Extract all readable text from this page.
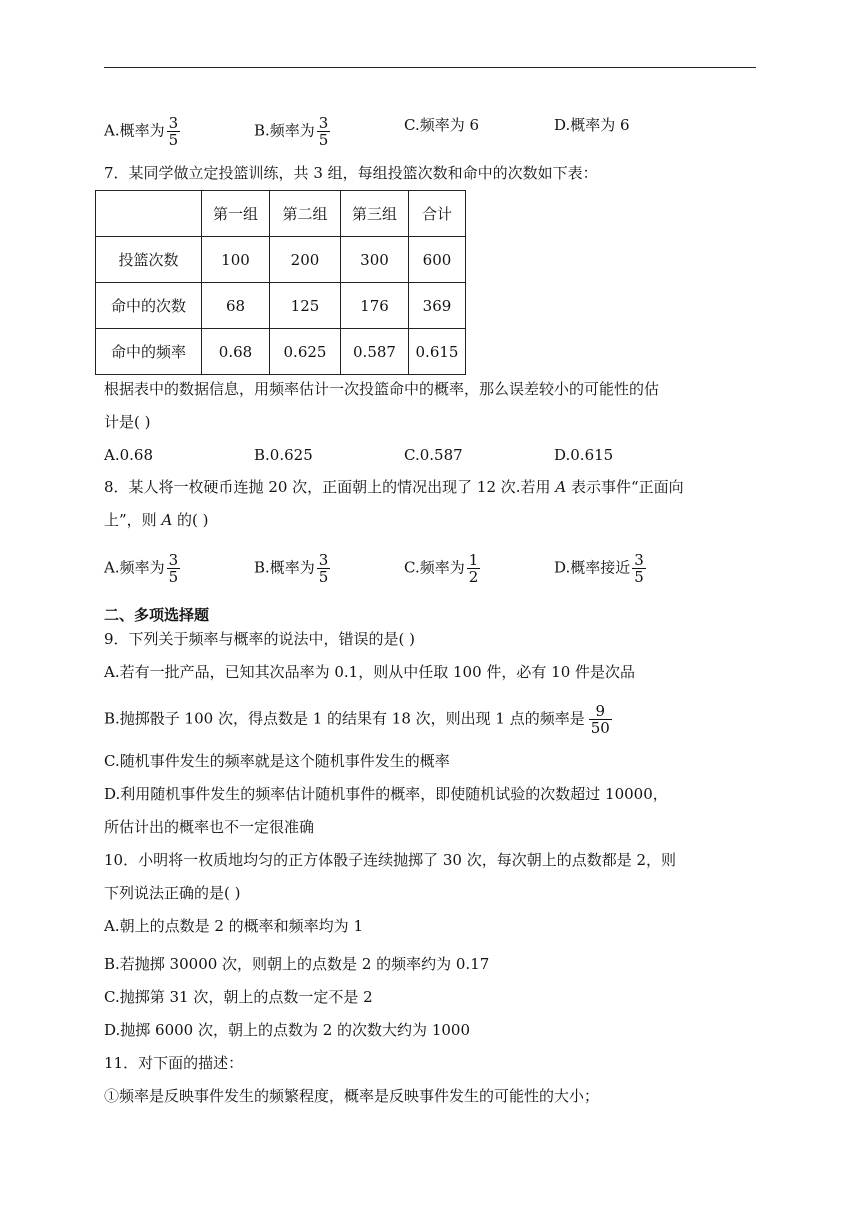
A.概率为 $\frac{3}{5}$	B.频率为 $\frac{3}{5}$	C.频率为 6	D.概率为 6
7．某同学做立定投篮训练，共 3 组，每组投篮次数和命中的次数如下表：
	第一组	第二组	第三组	合计
投篮次数	100	200	300	600
命中的次数	68	125	176	369
命中的频率	0.68	0.625	0.587	0.615
根据表中的数据信息，用频率估计一次投篮命中的概率，那么误差较小的可能性的估
计是( )
A.0.68	B.0.625	C.0.587	D.0.615
8．某人将一枚硬币连抛 20 次，正面朝上的情况出现了 12 次.若用 A 表示事件“正面向
上”，则 A 的( )
A.频率为 $\frac{3}{5}$	B.概率为 $\frac{3}{5}$	C.频率为 $\frac{1}{2}$	D.概率接近 $\frac{3}{5}$
二、多项选择题
9．下列关于频率与概率的说法中，错误的是( )
A.若有一批产品，已知其次品率为 0.1，则从中任取 100 件，必有 10 件是次品
B.抛掷骰子 100 次，得点数是 1 的结果有 18 次，则出现 1 点的频率是 $\frac{9}{50}$
C.随机事件发生的频率就是这个随机事件发生的概率
D.利用随机事件发生的频率估计随机事件的概率，即使随机试验的次数超过 10000，
所估计出的概率也不一定很准确
10．小明将一枚质地均匀的正方体骰子连续抛掷了 30 次，每次朝上的点数都是 2，则
下列说法正确的是( )
A.朝上的点数是 2 的概率和频率均为 1
B.若抛掷 30000 次，则朝上的点数是 2 的频率约为 0.17
C.抛掷第 31 次，朝上的点数一定不是 2
D.抛掷 6000 次，朝上的点数为 2 的次数大约为 1000
11．对下面的描述：
①频率是反映事件发生的频繁程度，概率是反映事件发生的可能性的大小；
